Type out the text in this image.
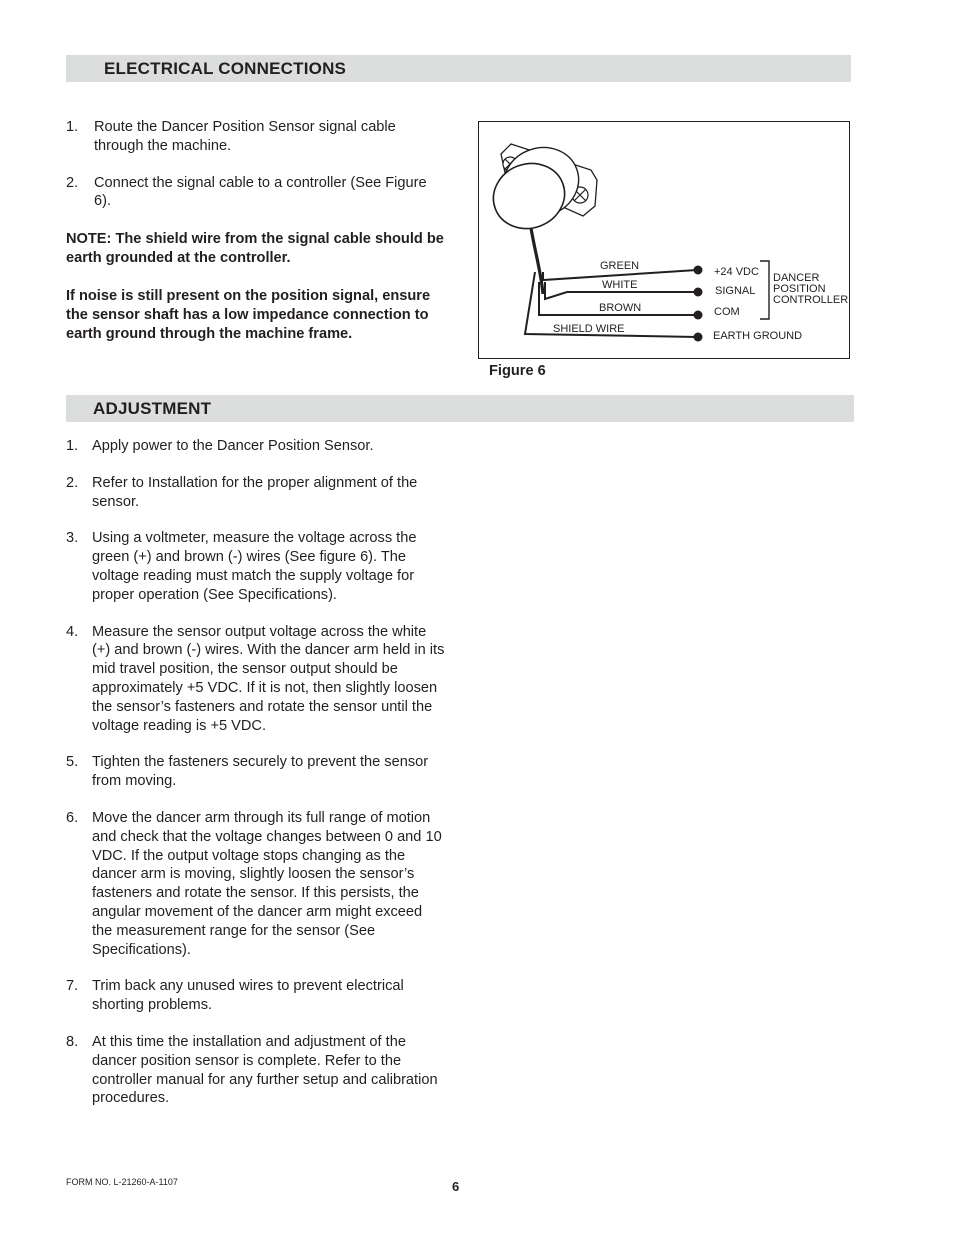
ELECTRICAL CONNECTIONS
1.	Route the Dancer Position Sensor signal cable through the machine.
2.	Connect the signal cable to a controller (See Figure 6).

NOTE: The shield wire from the signal cable should be earth grounded at the controller.

If noise is still present on the position signal, ensure the sensor shaft has a low impedance connection to earth ground through the machine frame.

GREEN
WHITE
BROWN
SHIELD WIRE
+24 VDC
SIGNAL
COM
EARTH GROUND
DANCER
POSITION
CONTROLLER
Figure 6
ADJUSTMENT
1. Apply power to the Dancer Position Sensor.
2. Refer to Installation for the proper alignment of the sensor.
3. Using a voltmeter, measure the voltage across the green (+) and brown (-) wires (See figure 6). The voltage reading must match the supply voltage for proper operation (See Specifications).
4. Measure the sensor output voltage across the white (+) and brown (-) wires. With the dancer arm held in its mid travel position, the sensor output should be approximately +5 VDC. If it is not, then slightly loosen the sensor’s fasteners and rotate the sensor until the voltage reading is +5 VDC.
5. Tighten the fasteners securely to prevent the sensor from moving.
6. Move the dancer arm through its full range of motion and check that the voltage changes between 0 and 10 VDC. If the output voltage stops changing as the dancer arm is moving, slightly loosen the sensor’s fasteners and rotate the sensor. If this persists, the angular movement of the dancer arm might exceed the measurement range for the sensor (See Specifications).
7. Trim back any unused wires to prevent electrical shorting problems.
8. At this time the installation and adjustment of the dancer position sensor is complete. Refer to the controller manual for any further setup and calibration procedures.
FORM NO. L-21260-A-1107	6
